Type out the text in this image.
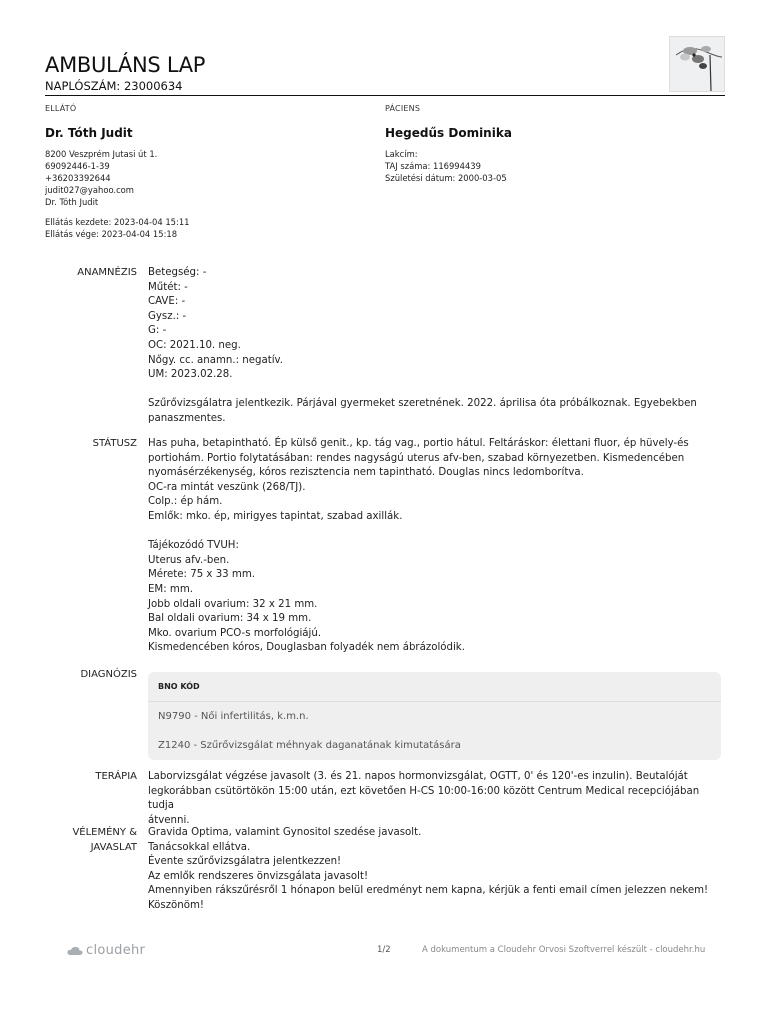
AMBULÁNS LAP
NAPLÓSZÁM: 23000634
ELLÁTÓ
Dr. Tóth Judit
8200 Veszprém Jutasi út 1.
69092446-1-39
+36203392644
judit027@yahoo.com
Dr. Tóth Judit
Ellátás kezdete: 2023-04-04 15:11
Ellátás vége: 2023-04-04 15:18
PÁCIENS
Hegedűs Dominika
Lakcím:
TAJ száma: 116994439
Születési dátum: 2000-03-05
ANAMNÉZIS Betegség: -
Műtét: -
CAVE: -
Gysz.: -
G: -
OC: 2021.10. neg.
Nőgy. cc. anamn.: negatív.
UM: 2023.02.28.
Szűrővizsgálatra jelentkezik. Párjával gyermeket szeretnének. 2022. áprilisa óta próbálkoznak. Egyebekben
panaszmentes.
STÁTUSZ Has puha, betapintható. Ép külső genit., kp. tág vag., portio hátul. Feltáráskor: élettani fluor, ép hüvely-és
portiohám. Portio folytatásában: rendes nagyságú uterus afv-ben, szabad környezetben. Kismedencében
nyomásérzékenység, kóros rezisztencia nem tapintható. Douglas nincs ledomborítva.
OC-ra mintát veszünk (268/TJ).
Colp.: ép hám.
Emlők: mko. ép, mirigyes tapintat, szabad axillák.
Tájékozódó TVUH:
Uterus afv.-ben.
Mérete: 75 x 33 mm.
EM: mm.
Jobb oldali ovarium: 32 x 21 mm.
Bal oldali ovarium: 34 x 19 mm.
Mko. ovarium PCO-s morfológiájú.
Kismedencében kóros, Douglasban folyadék nem ábrázolódik.
DIAGNÓZIS
BNO KÓD
N9790 - Női infertilitás, k.m.n.
Z1240 - Szűrővizsgálat méhnyak daganatának kimutatására
TERÁPIA Laborvizsgálat végzése javasolt (3. és 21. napos hormonvizsgálat, OGTT, 0' és 120'-es inzulin). Beutalóját
legkorábban csütörtökön 15:00 után, ezt követően H-CS 10:00-16:00 között Centrum Medical recepciójában tudja
átvenni.
VÉLEMÉNY &
JAVASLAT
Gravida Optima, valamint Gynositol szedése javasolt.
Tanácsokkal ellátva.
Évente szűrővizsgálatra jelentkezzen!
Az emlők rendszeres önvizsgálata javasolt!
Amennyiben rákszűrésről 1 hónapon belül eredményt nem kapna, kérjük a fenti email címen jelezzen nekem!
Köszönöm!
cloudehr	1/2	A dokumentum a Cloudehr Orvosi Szoftverrel készült - cloudehr.hu
